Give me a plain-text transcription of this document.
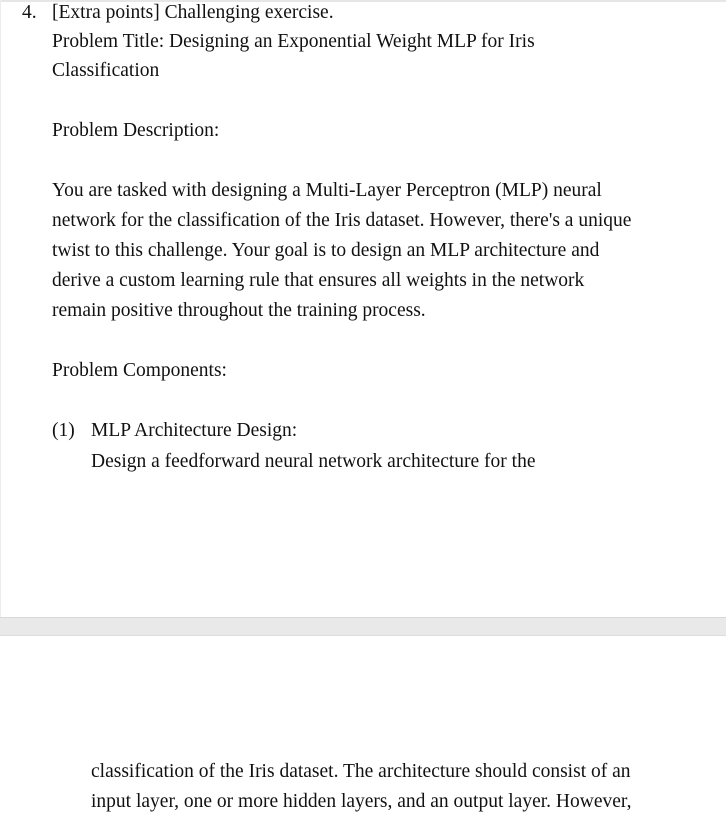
4. [Extra points] Challenging exercise.
Problem Title: Designing an Exponential Weight MLP for Iris
Classification
Problem Description:
You are tasked with designing a Multi-Layer Perceptron (MLP) neural
network for the classification of the Iris dataset. However, there's a unique
twist to this challenge. Your goal is to design an MLP architecture and
derive a custom learning rule that ensures all weights in the network
remain positive throughout the training process.
Problem Components:
(1) MLP Architecture Design:
Design a feedforward neural network architecture for the
classification of the Iris dataset. The architecture should consist of an
input layer, one or more hidden layers, and an output layer. However,
